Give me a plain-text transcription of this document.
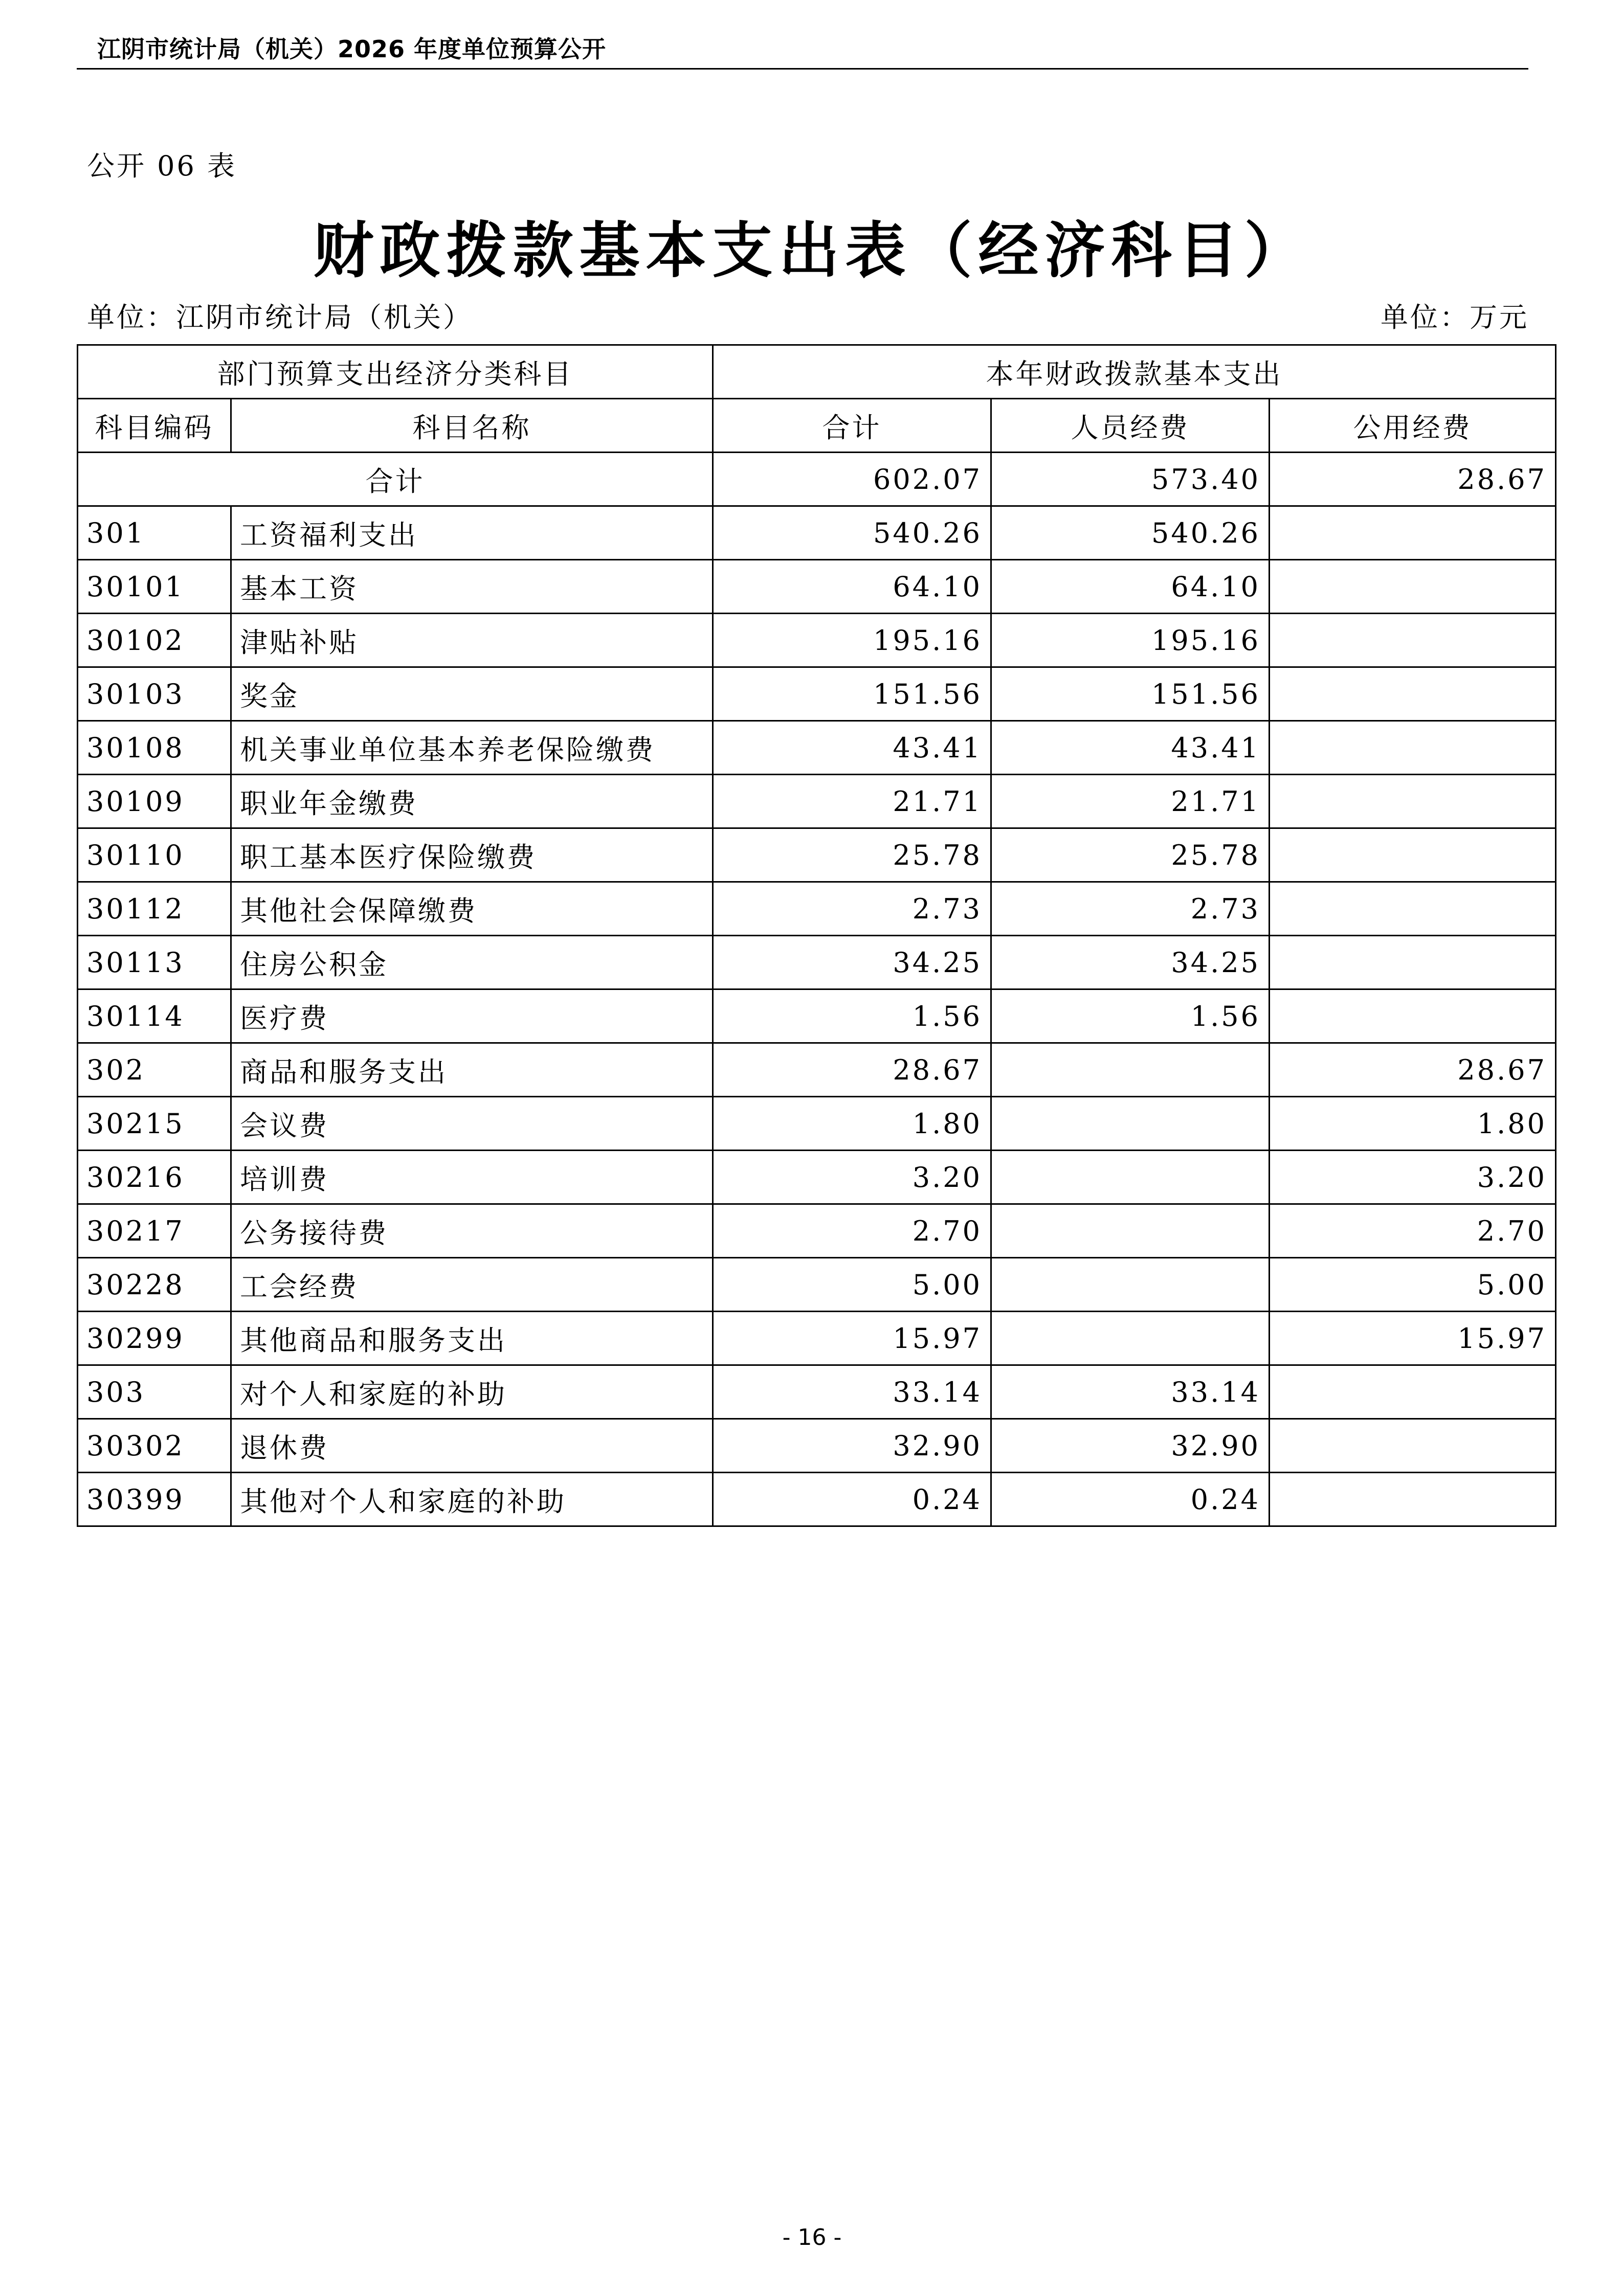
江阴市统计局（机关）2026 年度单位预算公开
公开 06 表
财政拨款基本支出表（经济科目）
单位：江阴市统计局（机关）	单位：万元
部门预算支出经济分类科目		本年财政拨款基本支出		
科目编码	科目名称	合计	人员经费	公用经费
合计		602.07	573.40	28.67
301	工资福利支出	540.26	540.26	
30101	基本工资	64.10	64.10	
30102	津贴补贴	195.16	195.16	
30103	奖金	151.56	151.56	
30108	机关事业单位基本养老保险缴费	43.41	43.41	
30109	职业年金缴费	21.71	21.71	
30110	职工基本医疗保险缴费	25.78	25.78	
30112	其他社会保障缴费	2.73	2.73	
30113	住房公积金	34.25	34.25	
30114	医疗费	1.56	1.56	
302	商品和服务支出	28.67		28.67
30215	会议费	1.80		1.80
30216	培训费	3.20		3.20
30217	公务接待费	2.70		2.70
30228	工会经费	5.00		5.00
30299	其他商品和服务支出	15.97		15.97
303	对个人和家庭的补助	33.14	33.14	
30302	退休费	32.90	32.90	
30399	其他对个人和家庭的补助	0.24	0.24	
- 16 -
